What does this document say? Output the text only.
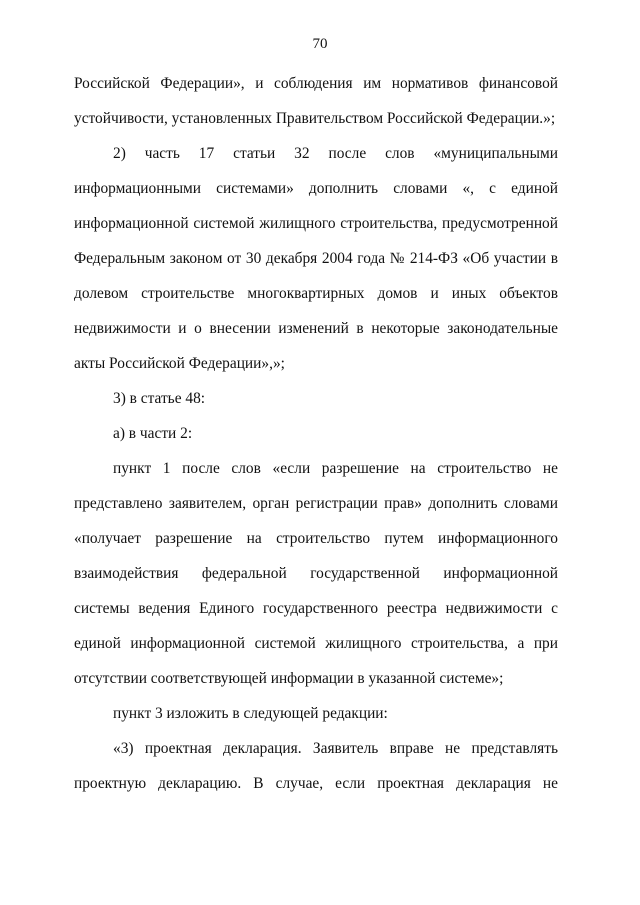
70

Российской Федерации», и соблюдения им нормативов финансовой устойчивости, установленных Правительством Российской Федерации.»;

2) часть 17 статьи 32 после слов «муниципальными информационными системами» дополнить словами «, с единой информационной системой жилищного строительства, предусмотренной Федеральным законом от 30 декабря 2004 года № 214-ФЗ «Об участии в долевом строительстве многоквартирных домов и иных объектов недвижимости и о внесении изменений в некоторые законодательные акты Российской Федерации»,»;

3) в статье 48:

а) в части 2:

пункт 1 после слов «если разрешение на строительство не представлено заявителем, орган регистрации прав» дополнить словами «получает разрешение на строительство путем информационного взаимодействия федеральной государственной информационной системы ведения Единого государственного реестра недвижимости с единой информационной системой жилищного строительства, а при отсутствии соответствующей информации в указанной системе»;

пункт 3 изложить в следующей редакции:

«3) проектная декларация. Заявитель вправе не представлять проектную декларацию. В случае, если проектная декларация не
